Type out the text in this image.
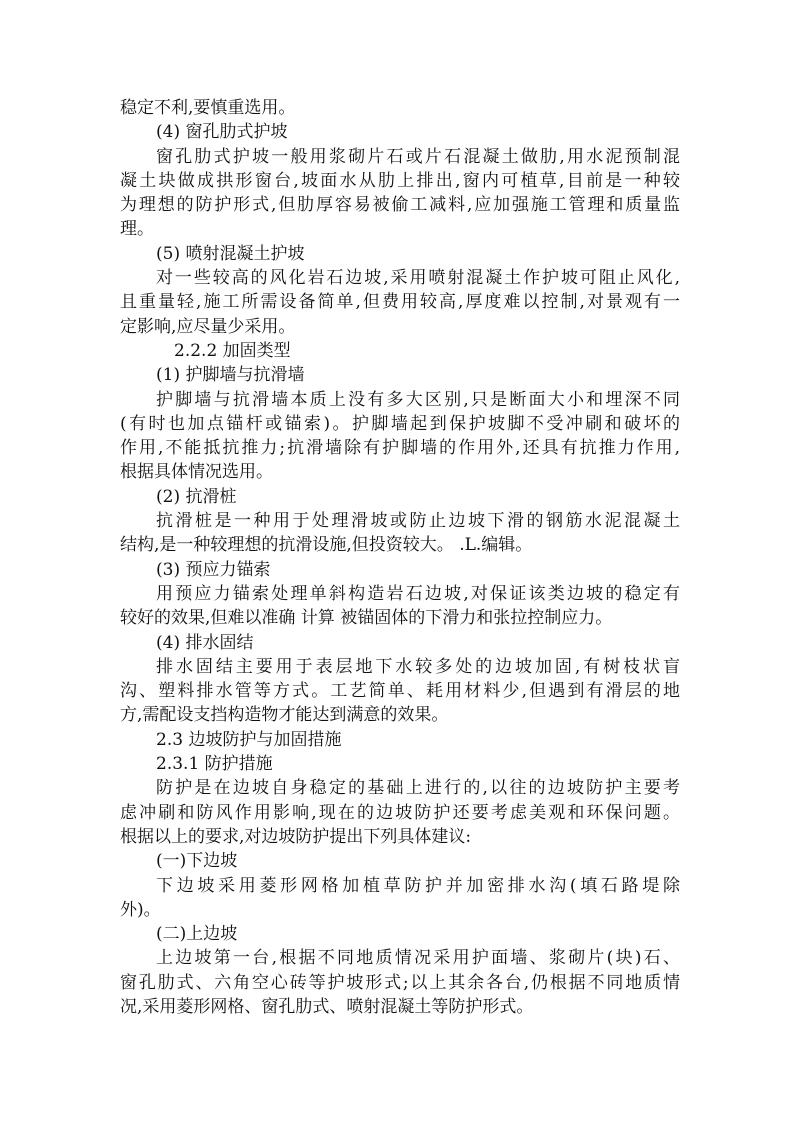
稳定不利,要慎重选用。
(4) 窗孔肋式护坡
窗孔肋式护坡一般用浆砌片石或片石混凝土做肋,用水泥预制混
凝土块做成拱形窗台,坡面水从肋上排出,窗内可植草,目前是一种较
为理想的防护形式,但肋厚容易被偷工减料,应加强施工管理和质量监
理。
(5) 喷射混凝土护坡
对一些较高的风化岩石边坡,采用喷射混凝土作护坡可阻止风化,
且重量轻,施工所需设备简单,但费用较高,厚度难以控制,对景观有一
定影响,应尽量少采用。
2.2.2 加固类型
(1) 护脚墙与抗滑墙
护脚墙与抗滑墙本质上没有多大区别,只是断面大小和埋深不同
(有时也加点锚杆或锚索)。护脚墙起到保护坡脚不受冲刷和破坏的
作用,不能抵抗推力;抗滑墙除有护脚墙的作用外,还具有抗推力作用,
根据具体情况选用。
(2) 抗滑桩
抗滑桩是一种用于处理滑坡或防止边坡下滑的钢筋水泥混凝土
结构,是一种较理想的抗滑设施,但投资较大。 .L.编辑。
(3) 预应力锚索
用预应力锚索处理单斜构造岩石边坡,对保证该类边坡的稳定有
较好的效果,但难以准确 计算 被锚固体的下滑力和张拉控制应力。
(4) 排水固结
排水固结主要用于表层地下水较多处的边坡加固,有树枝状盲
沟、塑料排水管等方式。工艺简单、耗用材料少,但遇到有滑层的地
方,需配设支挡构造物才能达到满意的效果。
2.3 边坡防护与加固措施
2.3.1 防护措施
防护是在边坡自身稳定的基础上进行的,以往的边坡防护主要考
虑冲刷和防风作用影响,现在的边坡防护还要考虑美观和环保问题。
根据以上的要求,对边坡防护提出下列具体建议:
(一)下边坡
下边坡采用菱形网格加植草防护并加密排水沟(填石路堤除
外)。
(二)上边坡
上边坡第一台,根据不同地质情况采用护面墙、浆砌片(块)石、
窗孔肋式、六角空心砖等护坡形式;以上其余各台,仍根据不同地质情
况,采用菱形网格、窗孔肋式、喷射混凝土等防护形式。
